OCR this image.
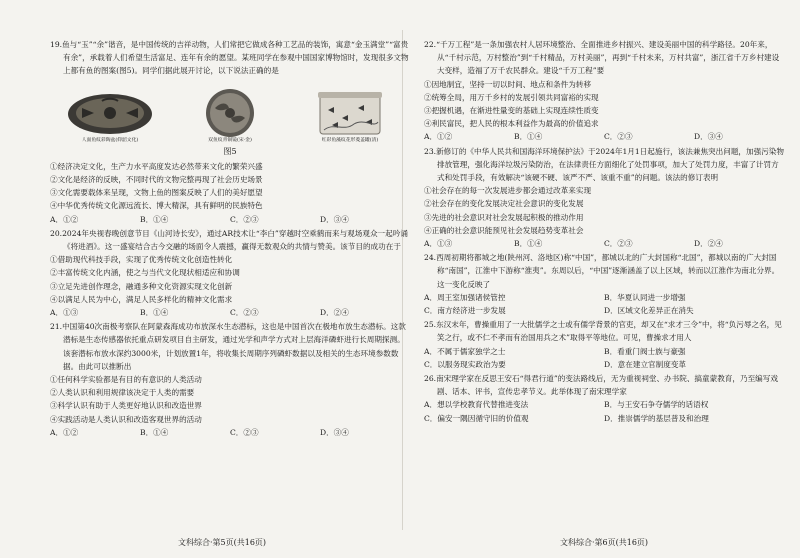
19.鱼与“玉”“余”谐音，是中国传统的吉祥动物，人们常把它做成各种工艺品的装饰，寓意“金玉满堂”“富贵有余”，承载着人们希望生活富足、连年有余的愿望。某班同学在参观中国国家博物馆时，发现很多文物上都有鱼的图案(图5)。同学们据此展开讨论，以下说法正确的是
人面鱼纹彩陶盆(仰韶文化)	双鱼纹青铜镜(宋·金)	红彩鱼藻纹花形菱盖罐(清)
图5

①经济决定文化，生产力水平高度发达必然带来文化的繁荣兴盛

②文化是经济的反映，不同时代的文物完整再现了社会历史场景

③文化需要载体来呈现，文物上鱼的图案反映了人们的美好愿望

④中华优秀传统文化源远流长、博大精深，具有鲜明的民族特色

A．①②	B．①④	C．②③	D．③④
20.2024年央视春晚创意节目《山河诗长安》，通过AR技术让“李白”穿越时空乘鹤而来与观场观众一起吟诵《将进酒》。这一盛宴结合古今交融的场面令人震撼，赢得无数观众的共情与赞美。该节目的成功在于

①借助现代科技手段，实现了优秀传统文化创造性转化

②丰富传统文化内涵，使之与当代文化现状相适应和协调

③立足先进创作理念，融通多种文化资源实现文化创新

④以满足人民为中心，满足人民多样化的精神文化需求

A．①③	B．①④	C．②③	D．②④
21.中国第40次南极考察队在阿蒙森海成功布放深水生态潜标，这也是中国首次在极地布放生态潜标。这款潜标是生态传感器依托重点研发项目自主研发，通过光学和声学方式对上层海洋磷虾进行长周期探测。该套潜标布放水深约3000米，计划放置1年，将收集长周期序列磷虾数据以及相关的生态环境参数数据。由此可以推断出

①任何科学实验都是有目的有意识的人类活动

②人类认识和利用规律该决定于人类的需要

③科学认识有助于人类更好地认识和改造世界

④实践活动是人类认识和改造客观世界的活动

A．①②	B．①④	C．②③	D．③④
文科综合·第5页(共16页)
22.“千万工程”是一条加强农村人居环境整治、全面推进乡村振兴、建设美丽中国的科学路径。20年来，从“千村示范，万村整治”到“千村精品，万村美丽”，再到“千村未来，万村共富”，浙江省千万乡村建设大变样，造福了万千农民群众。建设“千万工程”要

①因地制宜，坚持一切以时间、地点和条件为转移

②统筹全局，用万千乡村的发展引领共同富裕的实现

③把握机遇，在渐进性量变的基础上实现连续性质变

④利民富民，把人民的根本利益作为最高的价值追求

A．①②	B．①④	C．②③	D．③④
23.新修订的《中华人民共和国海洋环境保护法》于2024年1月1日起施行，该法兼焦突出问题，加强污染物排放管理，强化海洋垃圾污染防治，在法律责任方面细化了处罚事项，加大了处罚力度，丰富了计罚方式和处罚手段，有效解决“该硬不硬、该严不严、该重不重”的问题。该法的修订表明

①社会存在的每一次发展进步都会通过改革来实现

②社会存在的变化发展决定社会意识的变化发展

③先进的社会意识对社会发展起积极的推动作用

④正确的社会意识能预见社会发展趋势变革社会

A．①③	B．①④	C．②③	D．②④
24.西周初期将都城之地(陕州河、洛地区)称“中国”，都城以北的广大封国称“北国”，都城以南的广大封国称“南国”，江淮中下游称“淮夷”。东周以后，“中国”逐渐涵盖了以上区域，转而以江淮作为南北分界。这一变化反映了
A．周王室加强诸侯管控	B．华夏认同进一步增强
C．南方经济进一步发展	D．区域文化差异正在消失
25.东汉末年，曹操重用了一大批儒学之士或有儒学背景的官吏，却又在“求才三令”中，将“负污辱之名，见笑之行，或不仁不孝而有治国用兵之术”取得平等地位。可见，曹操求才用人
A．不属于儒家独学之士	B．看重门阀士族与豪强
C．以服务现实政治为要	D．意在建立官制度变革
26.南宋理学家在反思王安石“得君行道”的变法路线后，无为重视祠堂、办书院、搞童蒙教育，乃至编写戏剧、话本、评书，宣传忠孝节义。此举体现了南宋理学家
A．想以学校教育代替推进变法	B．与王安石争夺儒学的话语权
C．偏安一隅因循守旧的价值观	D．推崇儒学的基层普及和治理
文科综合·第6页(共16页)
